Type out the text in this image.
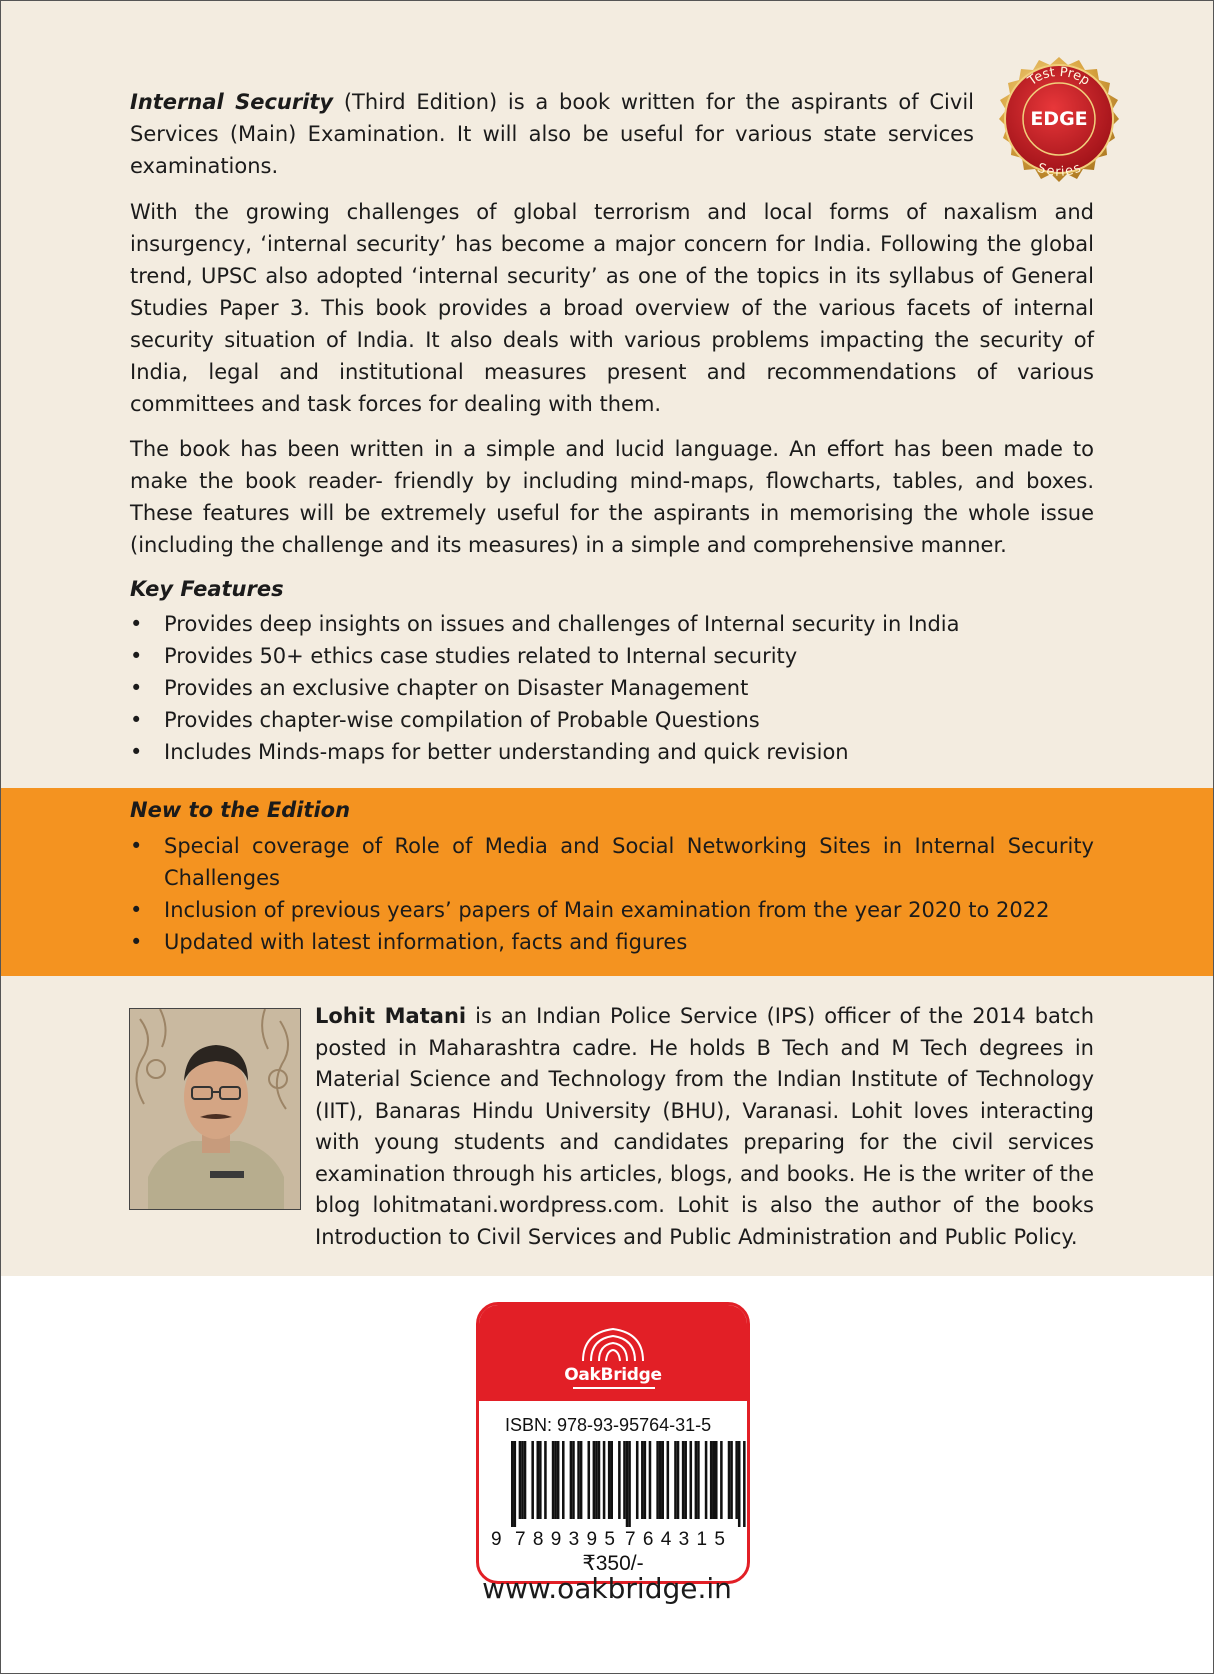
Internal Security (Third Edition) is a book written for the aspirants of Civil Services (Main) Examination. It will also be useful for various state services examinations.

Test Prep
EDGE
Series

With the growing challenges of global terrorism and local forms of naxalism and insurgency, ‘internal security’ has become a major concern for India. Following the global trend, UPSC also adopted ‘internal security’ as one of the topics in its syllabus of General Studies Paper 3. This book provides a broad overview of the various facets of internal security situation of India. It also deals with various problems impacting the security of India, legal and institutional measures present and recommendations of various committees and task forces for dealing with them.

The book has been written in a simple and lucid language. An effort has been made to make the book reader- friendly by including mind-maps, flowcharts, tables, and boxes. These features will be extremely useful for the aspirants in memorising the whole issue (including the challenge and its measures) in a simple and comprehensive manner.

Key Features

• Provides deep insights on issues and challenges of Internal security in India
• Provides 50+ ethics case studies related to Internal security
• Provides an exclusive chapter on Disaster Management
• Provides chapter-wise compilation of Probable Questions
• Includes Minds-maps for better understanding and quick revision

New to the Edition

• Special coverage of Role of Media and Social Networking Sites in Internal Security Challenges
• Inclusion of previous years’ papers of Main examination from the year 2020 to 2022
• Updated with latest information, facts and figures

Lohit Matani is an Indian Police Service (IPS) officer of the 2014 batch posted in Maharashtra cadre. He holds B Tech and M Tech degrees in Material Science and Technology from the Indian Institute of Technology (IIT), Banaras Hindu University (BHU), Varanasi. Lohit loves interacting with young students and candidates preparing for the civil services examination through his articles, blogs, and books. He is the writer of the blog lohitmatani.wordpress.com. Lohit is also the author of the books Introduction to Civil Services and Public Administration and Public Policy.

OakBridge
ISBN: 978-93-95764-31-5
9 789395 764315
₹350/-
www.oakbridge.in
